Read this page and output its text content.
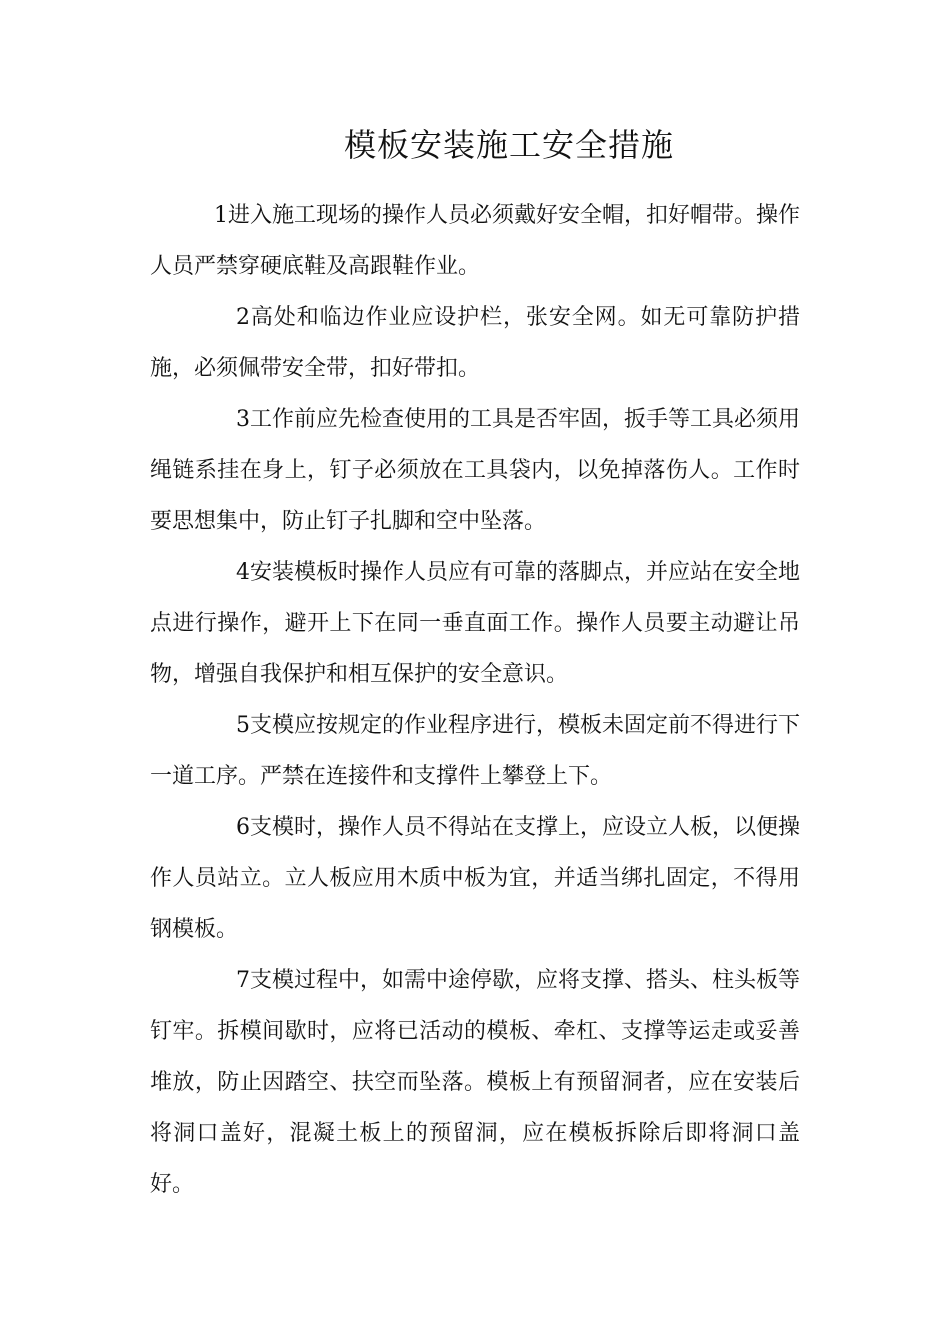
模板安装施工安全措施

1进入施工现场的操作人员必须戴好安全帽，扣好帽带。操作人员严禁穿硬底鞋及高跟鞋作业。

2高处和临边作业应设护栏，张安全网。如无可靠防护措施，必须佩带安全带，扣好带扣。

3工作前应先检查使用的工具是否牢固，扳手等工具必须用绳链系挂在身上，钉子必须放在工具袋内，以免掉落伤人。工作时要思想集中，防止钉子扎脚和空中坠落。

4安装模板时操作人员应有可靠的落脚点，并应站在安全地点进行操作，避开上下在同一垂直面工作。操作人员要主动避让吊物，增强自我保护和相互保护的安全意识。

5支模应按规定的作业程序进行，模板未固定前不得进行下一道工序。严禁在连接件和支撑件上攀登上下。

6支模时，操作人员不得站在支撑上，应设立人板，以便操作人员站立。立人板应用木质中板为宜，并适当绑扎固定，不得用钢模板。

7支模过程中，如需中途停歇，应将支撑、搭头、柱头板等钉牢。拆模间歇时，应将已活动的模板、牵杠、支撑等运走或妥善堆放，防止因踏空、扶空而坠落。模板上有预留洞者，应在安装后将洞口盖好，混凝土板上的预留洞，应在模板拆除后即将洞口盖好。
